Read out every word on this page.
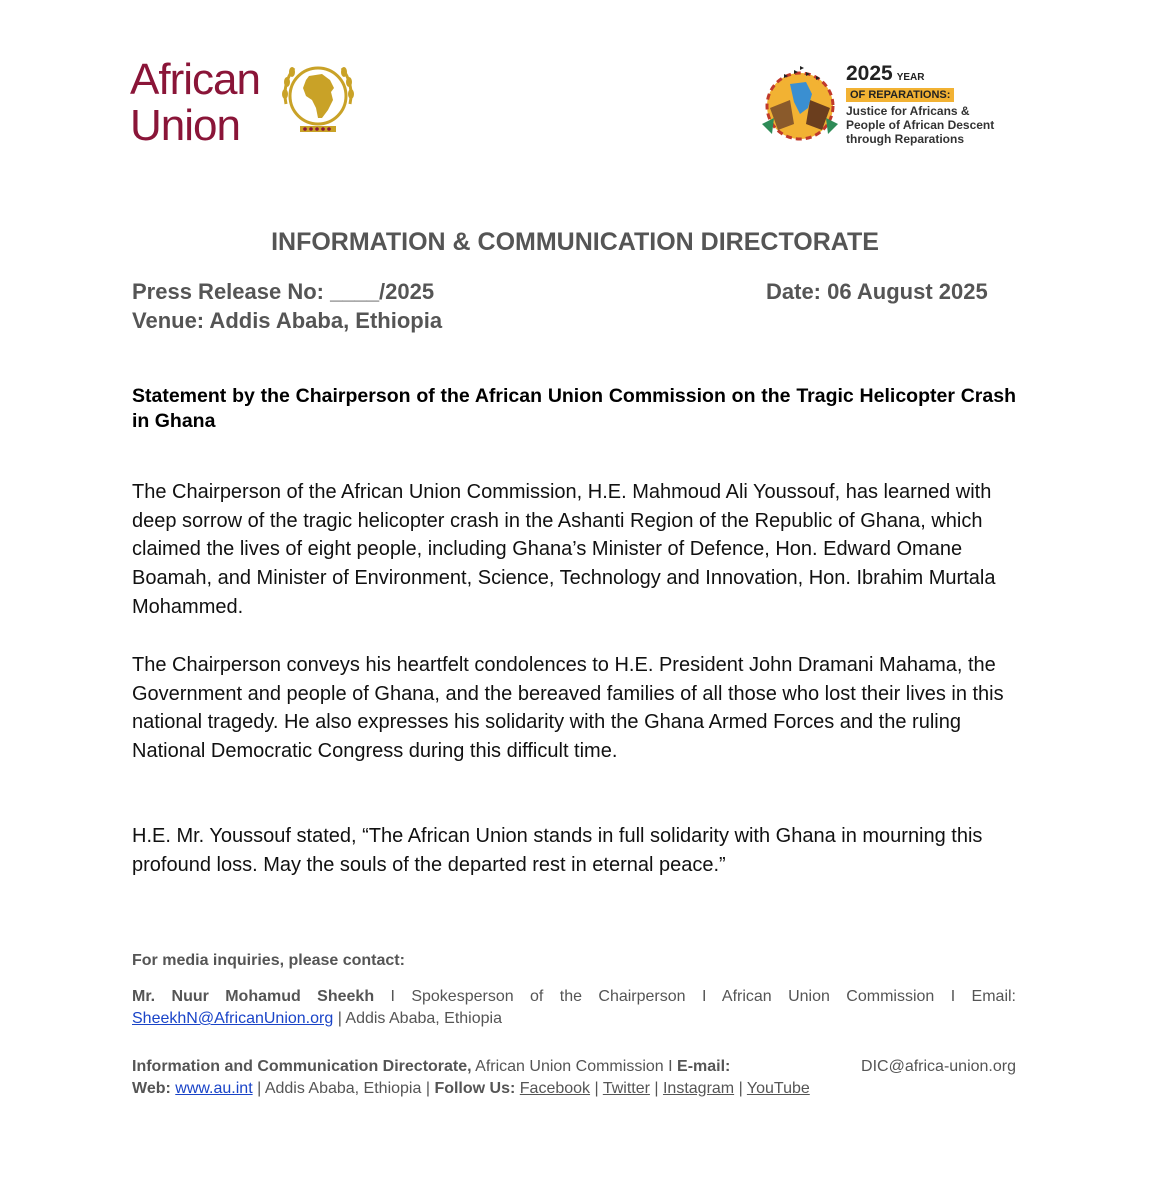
African
Union
2025 YEAR
OF REPARATIONS:
Justice for Africans &
People of African Descent
through Reparations
INFORMATION & COMMUNICATION DIRECTORATE
Press Release No: ____/2025	Date: 06 August 2025
Venue: Addis Ababa, Ethiopia

Statement by the Chairperson of the African Union Commission on the Tragic Helicopter Crash in Ghana

The Chairperson of the African Union Commission, H.E. Mahmoud Ali Youssouf, has learned with deep sorrow of the tragic helicopter crash in the Ashanti Region of the Republic of Ghana, which claimed the lives of eight people, including Ghana’s Minister of Defence, Hon. Edward Omane Boamah, and Minister of Environment, Science, Technology and Innovation, Hon. Ibrahim Murtala Mohammed.

The Chairperson conveys his heartfelt condolences to H.E. President John Dramani Mahama, the Government and people of Ghana, and the bereaved families of all those who lost their lives in this national tragedy. He also expresses his solidarity with the Ghana Armed Forces and the ruling National Democratic Congress during this difficult time.

H.E. Mr. Youssouf stated, “The African Union stands in full solidarity with Ghana in mourning this profound loss. May the souls of the departed rest in eternal peace.”

For media inquiries, please contact:

Mr. Nuur Mohamud Sheekh I Spokesperson of the Chairperson I African Union Commission I Email: SheekhN@AfricanUnion.org | Addis Ababa, Ethiopia

Information and Communication Directorate, African Union Commission I E-mail:	DIC@africa-union.org
Web: www.au.int | Addis Ababa, Ethiopia | Follow Us: Facebook | Twitter | Instagram | YouTube
